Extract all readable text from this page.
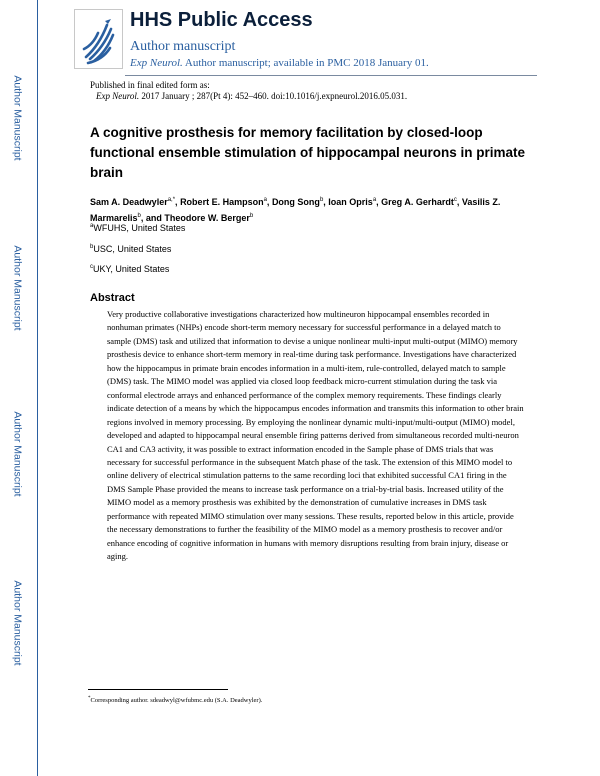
Author Manuscript
Author Manuscript
Author Manuscript
Author Manuscript
HHS Public Access
Author manuscript
Exp Neurol. Author manuscript; available in PMC 2018 January 01.
Published in final edited form as:
Exp Neurol. 2017 January ; 287(Pt 4): 452–460. doi:10.1016/j.expneurol.2016.05.031.
A cognitive prosthesis for memory facilitation by closed-loop functional ensemble stimulation of hippocampal neurons in primate brain
Sam A. Deadwyler$^{a,*}$, Robert E. Hampson$^a$, Dong Song$^b$, Ioan Opris$^a$, Greg A. Gerhardt$^c$, Vasilis Z. Marmarelis$^b$, and Theodore W. Berger$^b$
$^a$WFUHS, United States
$^b$USC, United States
$^c$UKY, United States
Abstract
Very productive collaborative investigations characterized how multineuron hippocampal ensembles recorded in nonhuman primates (NHPs) encode short-term memory necessary for successful performance in a delayed match to sample (DMS) task and utilized that information to devise a unique nonlinear multi-input multi-output (MIMO) memory prosthesis device to enhance short-term memory in real-time during task performance. Investigations have characterized how the hippocampus in primate brain encodes information in a multi-item, rule-controlled, delayed match to sample (DMS) task. The MIMO model was applied via closed loop feedback micro-current stimulation during the task via conformal electrode arrays and enhanced performance of the complex memory requirements. These findings clearly indicate detection of a means by which the hippocampus encodes information and transmits this information to other brain regions involved in memory processing. By employing the nonlinear dynamic multi-input/multi-output (MIMO) model, developed and adapted to hippocampal neural ensemble firing patterns derived from simultaneous recorded multi-neuron CA1 and CA3 activity, it was possible to extract information encoded in the Sample phase of DMS trials that was necessary for successful performance in the subsequent Match phase of the task. The extension of this MIMO model to online delivery of electrical stimulation patterns to the same recording loci that exhibited successful CA1 firing in the DMS Sample Phase provided the means to increase task performance on a trial-by-trial basis. Increased utility of the MIMO model as a memory prosthesis was exhibited by the demonstration of cumulative increases in DMS task performance with repeated MIMO stimulation over many sessions. These results, reported below in this article, provide the necessary demonstrations to further the feasibility of the MIMO model as a memory prosthesis to recover and/or enhance encoding of cognitive information in humans with memory disruptions resulting from brain injury, disease or aging.
*Corresponding author. sdeadwyl@wfubmc.edu (S.A. Deadwyler).
